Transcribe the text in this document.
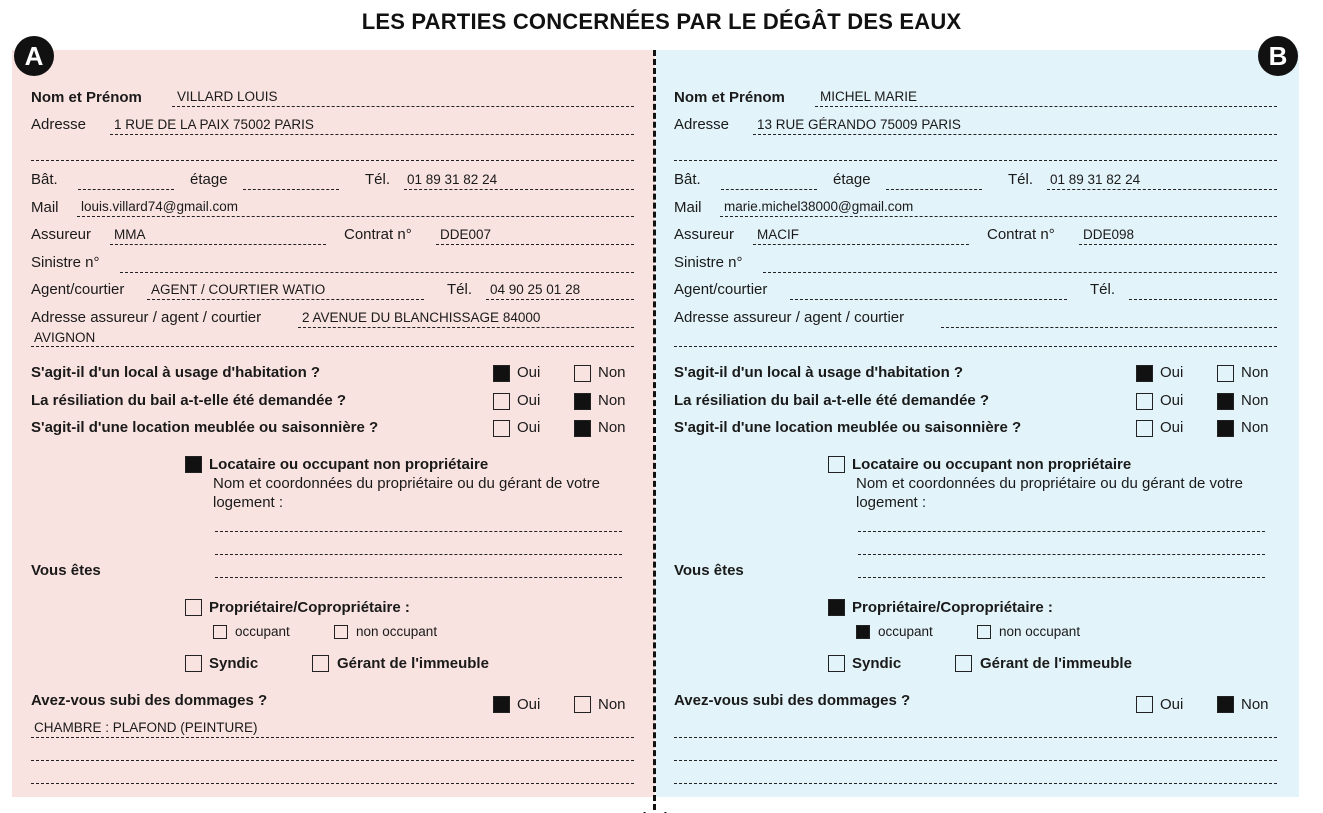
LES PARTIES CONCERNÉES PAR LE DÉGÂT DES EAUX
A	B
Nom et Prénom	VILLARD LOUIS
Adresse 1 RUE DE LA PAIX 75002 PARIS
Bât.	étage	Tél. 01 89 31 82 24
Mail louis.villard74@gmail.com
Assureur MMA	Contrat n° DDE007
Sinistre n°
Agent/courtier AGENT / COURTIER WATIO	Tél. 04 90 25 01 28
Adresse assureur / agent / courtier	2 AVENUE DU BLANCHISSAGE 84000
AVIGNON
S'agit-il d'un local à usage d'habitation ?	Oui	Non
La résiliation du bail a-t-elle été demandée ?	Oui	Non
S'agit-il d'une location meublée ou saisonnière ?	Oui	Non
Locataire ou occupant non propriétaire
Nom et coordonnées du propriétaire ou du gérant de votre logement :
Vous êtes
Propriétaire/Copropriétaire :
occupant	non occupant
Syndic	Gérant de l'immeuble
Avez-vous subi des dommages ?	Oui	Non
CHAMBRE : PLAFOND (PEINTURE)
Nom et Prénom	MICHEL MARIE
Adresse 13 RUE GÉRANDO 75009 PARIS
Bât.	étage	Tél. 01 89 31 82 24
Mail marie.michel38000@gmail.com
Assureur MACIF	Contrat n° DDE098
Sinistre n°
Agent/courtier	Tél.
Adresse assureur / agent / courtier
S'agit-il d'un local à usage d'habitation ?	Oui	Non
La résiliation du bail a-t-elle été demandée ?	Oui	Non
S'agit-il d'une location meublée ou saisonnière ?	Oui	Non
Locataire ou occupant non propriétaire
Nom et coordonnées du propriétaire ou du gérant de votre logement :
Vous êtes
Propriétaire/Copropriétaire :
occupant	non occupant
Syndic	Gérant de l'immeuble
Avez-vous subi des dommages ?	Oui	Non
